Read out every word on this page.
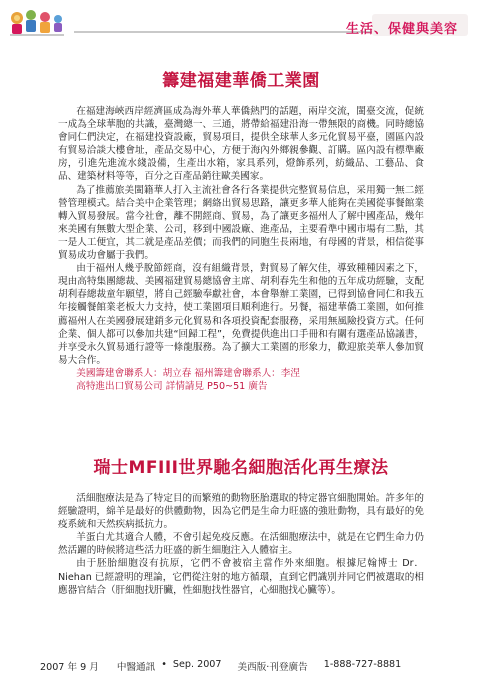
生活、保健與美容
籌建福建華僑工業園

在福建海峽西岸經濟區成為海外華人華僑熱門的話題，兩岸交流，閩臺交流，促統一成為全球華胞的共識，臺灣總一、三通，將帶給福建沿海一帶無限的商機。同時總協會同仁們決定，在福建投資設廠，貿易項目，提供全球華人多元化貿易平臺，園區內設有貿易洽談大樓會址，產品交易中心，方便于海內外鄉親參觀、訂購。區內設有標準廠房，引進先進流水綫設備，生產出水箱，家具系列，燈飾系列，紡織品、工藝品、食品、建築材料等等，百分之百產品銷往歐美國家。

為了推薦旅美閩籍華人打入主流社會各行各業提供完整貿易信息，采用獨一無二經營管理模式。結合美中企業管理；網絡出貿易思路，讓更多華人能夠在美國從事餐館業轉入貿易發展。當今社會，離不開經商、貿易，為了讓更多福州人了解中國產品，幾年來美國有無數大型企業、公司，移到中國設廠、進產品，主要看準中國市場有二點，其一是人工便宜，其二就是產品差價；而我們的同胞生長兩地，有母國的背景，相信從事貿易成功會屬于我們。

由于福州人幾乎脫節經商，沒有組織背景，對貿易了解欠佳，導致種種因素之下，現由高特集團總裁、美國福建貿易總協會主席、胡利春先生和他的五年成功經驗，支配胡利春總裁童年願望，將自己經驗奉獻社會，本會舉辦工業園，已得到協會同仁和我五年接觸餐館業老板大力支持，使工業園項目順利進行。另餐，福建華僑工業園，如何推薦福州人在美國發展建銷多元化貿易和各項投資配套服務，采用無風險投資方式。任何企業、個人都可以參加共建“回歸工程”，免費提供進出口手冊和有關有選產品協議書，并享受永久貿易通行證等一條龍服務。為了擴大工業園的形象力，歡迎旅美華人參加貿易大合作。

美國籌建會聯系人：胡立春 福州籌建會聯系人：李涅
高特進出口貿易公司 詳情請見 P50~51 廣告
瑞士MFIII世界馳名細胞活化再生療法

活細胞療法是為了特定目的而繁殖的動物胚胎選取的特定器官細胞開始。許多年的經驗證明，綿羊是最好的供體動物，因為它們是生命力旺盛的強壯動物，具有最好的免疫系統和天然疾病抵抗力。

羊蛋白尤其適合人體，不會引起免疫反應。在活細胞療法中，就是在它們生命力仍然活躍的時候將這些活力旺盛的新生細胞注入人體宿主。

由于胚胎細胞沒有抗原，它們不會被宿主當作外來細胞。根據尼翰博士 Dr．Niehan 已經證明的理論，它們從注射的地方循環，直到它們識別并同它們被選取的相應器官結合（肝細胞找肝臟，性細胞找性器官，心細胞找心臟等）。

2007 年 9 月 中醫通訊 • Sep. 2007 美西版‧刊登廣告 1-888-727-8881
